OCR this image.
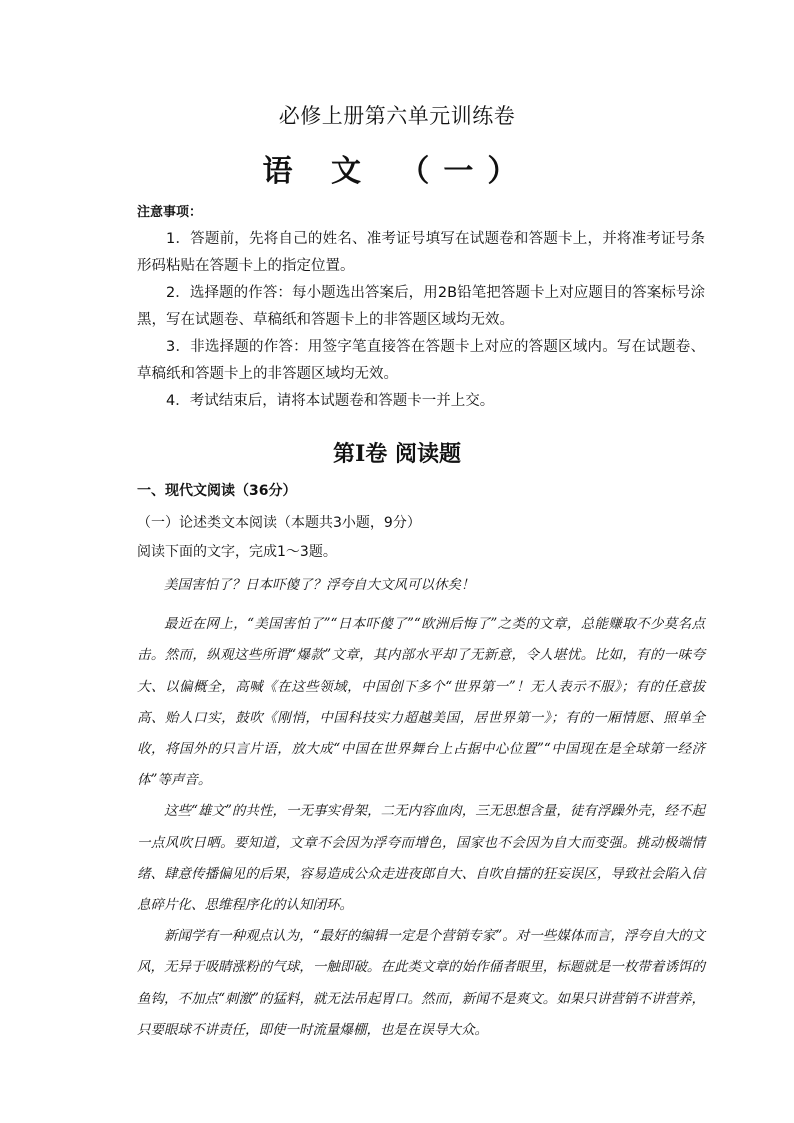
必修上册第六单元训练卷
语 文 （一）
注意事项：

1．答题前，先将自己的姓名、准考证号填写在试题卷和答题卡上，并将准考证号条形码粘贴在答题卡上的指定位置。

2．选择题的作答：每小题选出答案后，用2B铅笔把答题卡上对应题目的答案标号涂黑，写在试题卷、草稿纸和答题卡上的非答题区域均无效。

3．非选择题的作答：用签字笔直接答在答题卡上对应的答题区域内。写在试题卷、草稿纸和答题卡上的非答题区域均无效。

4．考试结束后，请将本试题卷和答题卡一并上交。

第Ⅰ卷 阅读题
一、现代文阅读（36分）
（一）论述类文本阅读（本题共3小题，9分）
阅读下面的文字，完成1～3题。

美国害怕了？日本吓傻了？浮夸自大文风可以休矣！

最近在网上，“美国害怕了”“日本吓傻了”“欧洲后悔了”之类的文章，总能赚取不少莫名点击。然而，纵观这些所谓“爆款”文章，其内部水平却了无新意，令人堪忧。比如，有的一味夸大、以偏概全，高喊《在这些领域，中国创下多个“世界第一”！无人表示不服》；有的任意拔高、贻人口实，鼓吹《刚悄，中国科技实力超越美国，居世界第一》；有的一厢情愿、照单全收，将国外的只言片语，放大成“中国在世界舞台上占据中心位置”“中国现在是全球第一经济体”等声音。

这些“雄文”的共性，一无事实骨架，二无内容血肉，三无思想含量，徒有浮躁外壳，经不起一点风吹日晒。要知道，文章不会因为浮夸而增色，国家也不会因为自大而变强。挑动极端情绪、肆意传播偏见的后果，容易造成公众走进夜郎自大、自吹自擂的狂妄误区，导致社会陷入信息碎片化、思维程序化的认知闭环。

新闻学有一种观点认为，“最好的编辑一定是个营销专家”。对一些媒体而言，浮夸自大的文风，无异于吸睛涨粉的气球，一触即破。在此类文章的始作俑者眼里，标题就是一枚带着诱饵的鱼钩，不加点“刺激”的猛料，就无法吊起胃口。然而，新闻不是爽文。如果只讲营销不讲营养，只要眼球不讲责任，即使一时流量爆棚，也是在误导大众。
